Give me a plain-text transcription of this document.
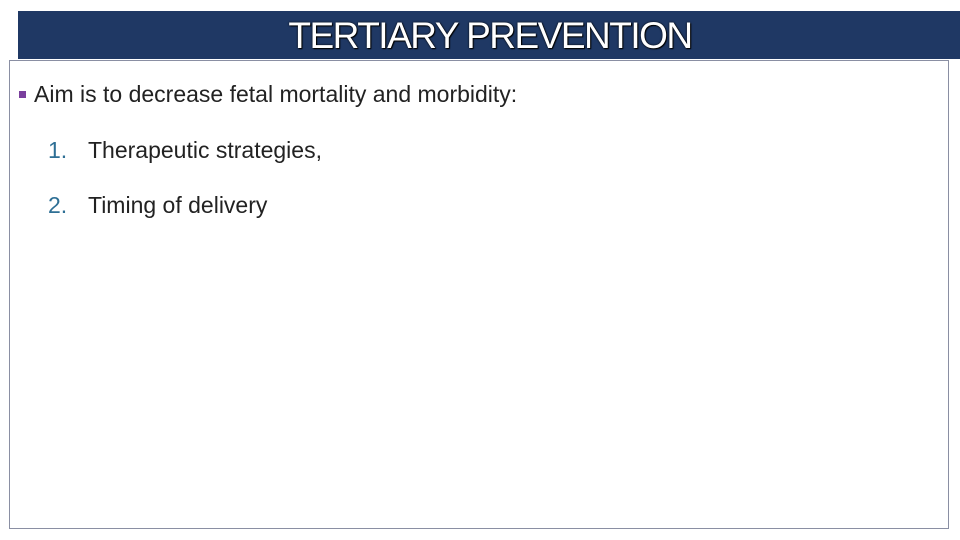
TERTIARY PREVENTION
Aim is to decrease fetal mortality and morbidity:
1. Therapeutic strategies,
2. Timing of delivery
